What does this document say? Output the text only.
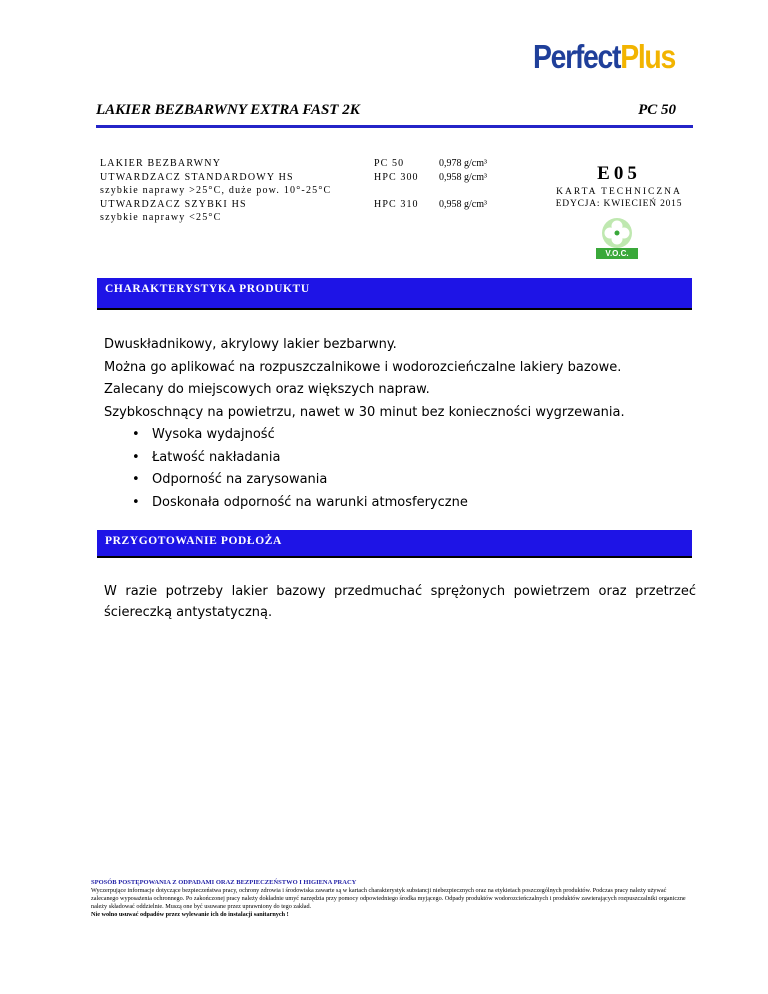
PerfectPlus
LAKIER BEZBARWNY EXTRA FAST 2K	PC 50
LAKIER BEZBARWNY
UTWARDZACZ STANDARDOWY HS
szybkie naprawy >25°C, duże pow. 10°-25°C
UTWARDZACZ SZYBKI HS
szybkie naprawy <25°C
PC 50
HPC 300
HPC 310
0,978 g/cm³
0,958 g/cm³
0,958 g/cm³
E05
KARTA TECHNICZNA
EDYCJA: KWIECIEŃ 2015
V.O.C.
CHARAKTERYSTYKA PRODUKTU

Dwuskładnikowy, akrylowy lakier bezbarwny.

Można go aplikować na rozpuszczalnikowe i wodorozcieńczalne lakiery bazowe.

Zalecany do miejscowych oraz większych napraw.

Szybkoschnący na powietrzu, nawet w 30 minut bez konieczności wygrzewania.

• Wysoka wydajność
• Łatwość nakładania
• Odporność na zarysowania
• Doskonała odporność na warunki atmosferyczne
PRZYGOTOWANIE PODŁOŻA
W razie potrzeby lakier bazowy przedmuchać sprężonych powietrzem oraz przetrzeć ściereczką antystatyczną.
SPOSÓB POSTĘPOWANIA Z ODPADAMI ORAZ BEZPIECZEŃSTWO I HIGIENA PRACY
Wyczerpujące informacje dotyczące bezpieczeństwa pracy, ochrony zdrowia i środowiska zawarte są w kartach charakterystyk substancji niebezpiecznych oraz na etykietach poszczególnych produktów. Podczas pracy należy używać zalecanego wyposażenia ochronnego. Po zakończonej pracy należy dokładnie umyć narzędzia przy pomocy odpowiedniego środka myjącego. Odpady produktów wodorozcieńczalnych i produktów zawierających rozpuszczalniki organiczne należy składować oddzielnie. Muszą one być usuwane przez uprawniony do tego zakład.
Nie wolno usuwać odpadów przez wylewanie ich do instalacji sanitarnych !
